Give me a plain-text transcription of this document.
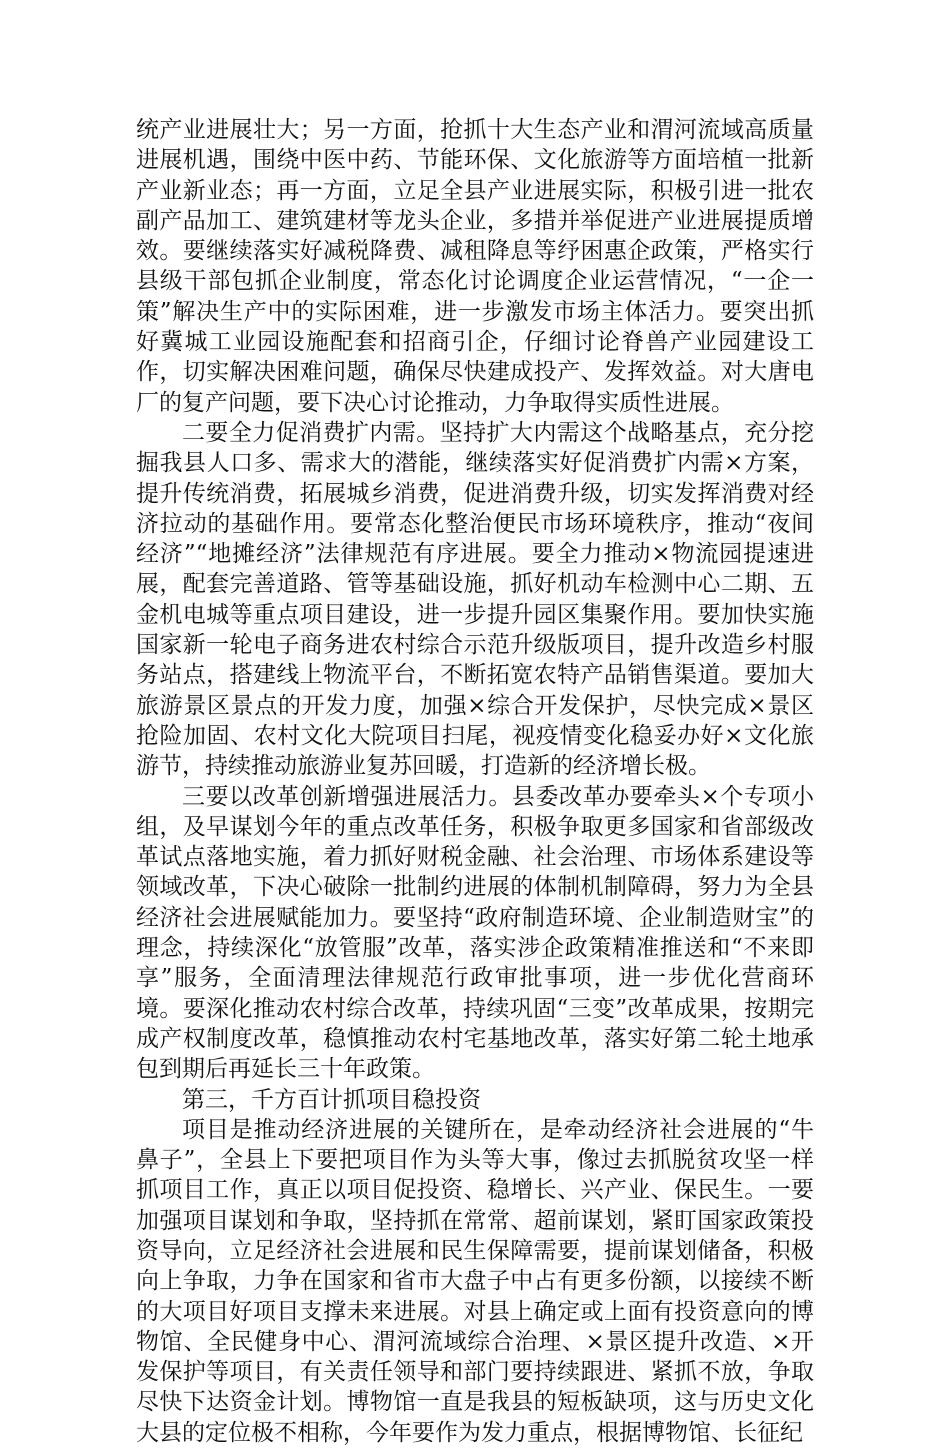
统产业进展壮大；另一方面，抢抓十大生态产业和渭河流域高质量进展机遇，围绕中医中药、节能环保、文化旅游等方面培植一批新产业新业态；再一方面，立足全县产业进展实际，积极引进一批农副产品加工、建筑建材等龙头企业，多措并举促进产业进展提质增效。要继续落实好减税降费、减租降息等纾困惠企政策，严格实行县级干部包抓企业制度，常态化讨论调度企业运营情况，“一企一策”解决生产中的实际困难，进一步激发市场主体活力。要突出抓好冀城工业园设施配套和招商引企，仔细讨论脊兽产业园建设工作，切实解决困难问题，确保尽快建成投产、发挥效益。对大唐电厂的复产问题，要下决心讨论推动，力争取得实质性进展。

二要全力促消费扩内需。坚持扩大内需这个战略基点，充分挖掘我县人口多、需求大的潜能，继续落实好促消费扩内需×方案，提升传统消费，拓展城乡消费，促进消费升级，切实发挥消费对经济拉动的基础作用。要常态化整治便民市场环境秩序，推动“夜间经济”“地摊经济”法律规范有序进展。要全力推动×物流园提速进展，配套完善道路、管等基础设施，抓好机动车检测中心二期、五金机电城等重点项目建设，进一步提升园区集聚作用。要加快实施国家新一轮电子商务进农村综合示范升级版项目，提升改造乡村服务站点，搭建线上物流平台，不断拓宽农特产品销售渠道。要加大旅游景区景点的开发力度，加强×综合开发保护，尽快完成×景区抢险加固、农村文化大院项目扫尾，视疫情变化稳妥办好×文化旅游节，持续推动旅游业复苏回暖，打造新的经济增长极。

三要以改革创新增强进展活力。县委改革办要牵头×个专项小组，及早谋划今年的重点改革任务，积极争取更多国家和省部级改革试点落地实施，着力抓好财税金融、社会治理、市场体系建设等领域改革，下决心破除一批制约进展的体制机制障碍，努力为全县经济社会进展赋能加力。要坚持“政府制造环境、企业制造财宝”的理念，持续深化“放管服”改革，落实涉企政策精准推送和“不来即享”服务，全面清理法律规范行政审批事项，进一步优化营商环境。要深化推动农村综合改革，持续巩固“三变”改革成果，按期完成产权制度改革，稳慎推动农村宅基地改革，落实好第二轮土地承包到期后再延长三十年政策。

第三，千方百计抓项目稳投资

项目是推动经济进展的关键所在，是牵动经济社会进展的“牛鼻子”，全县上下要把项目作为头等大事，像过去抓脱贫攻坚一样抓项目工作，真正以项目促投资、稳增长、兴产业、保民生。一要加强项目谋划和争取，坚持抓在常常、超前谋划，紧盯国家政策投资导向，立足经济社会进展和民生保障需要，提前谋划储备，积极向上争取，力争在国家和省市大盘子中占有更多份额，以接续不断的大项目好项目支撑未来进展。对县上确定或上面有投资意向的博物馆、全民健身中心、渭河流域综合治理、×景区提升改造、×开发保护等项目，有关责任领导和部门要持续跟进、紧抓不放，争取尽快下达资金计划。博物馆一直是我县的短板缺项，这与历史文化大县的定位极不相称，今年要作为发力重点，根据博物馆、长征纪
